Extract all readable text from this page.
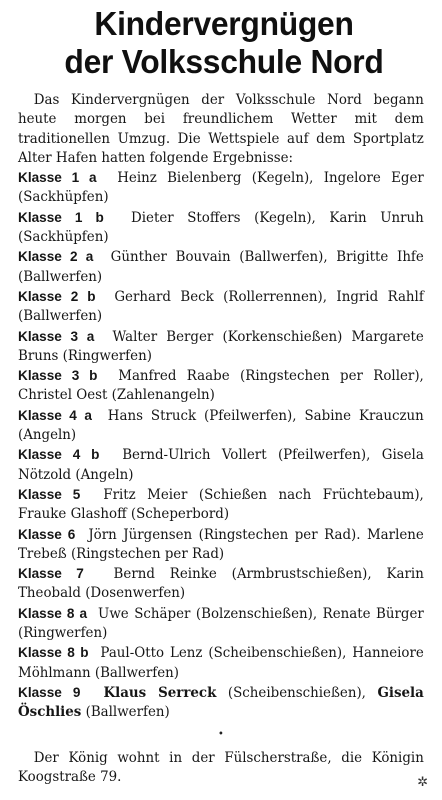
Kindervergnügen
der Volksschule Nord

Das Kindervergnügen der Volksschule Nord begann heute morgen bei freundlichem Wetter mit dem traditionellen Umzug. Die Wettspiele auf dem Sportplatz Alter Hafen hatten folgende Ergebnisse:

Klasse 1 a Heinz Bielenberg (Kegeln), Ingelore Eger (Sackhüpfen)

Klasse 1 b Dieter Stoffers (Kegeln), Karin Unruh (Sackhüpfen)

Klasse 2 a Günther Bouvain (Ballwerfen), Brigitte Ihfe (Ballwerfen)

Klasse 2 b Gerhard Beck (Rollerrennen), Ingrid Rahlf (Ballwerfen)

Klasse 3 a Walter Berger (Korkenschießen) Margarete Bruns (Ringwerfen)

Klasse 3 b Manfred Raabe (Ringstechen per Roller), Christel Oest (Zahlenangeln)

Klasse 4 a Hans Struck (Pfeilwerfen), Sabine Krauczun (Angeln)

Klasse 4 b Bernd-Ulrich Vollert (Pfeilwerfen), Gisela Nötzold (Angeln)

Klasse 5 Fritz Meier (Schießen nach Früchtebaum), Frauke Glashoff (Scheperbord)

Klasse 6 Jörn Jürgensen (Ringstechen per Rad). Marlene Trebeß (Ringstechen per Rad)

Klasse 7 Bernd Reinke (Armbrustschießen), Karin Theobald (Dosenwerfen)

Klasse 8 a Uwe Schäper (Bolzenschießen), Renate Bürger (Ringwerfen)

Klasse 8 b Paul-Otto Lenz (Scheibenschießen), Hanneiore Möhlmann (Ballwerfen)

Klasse 9 Klaus Serreck (Scheibenschießen), Gisela Öschlies (Ballwerfen)

•

Der König wohnt in der Fülscherstraße, die Königin Koogstraße 79.	✲
